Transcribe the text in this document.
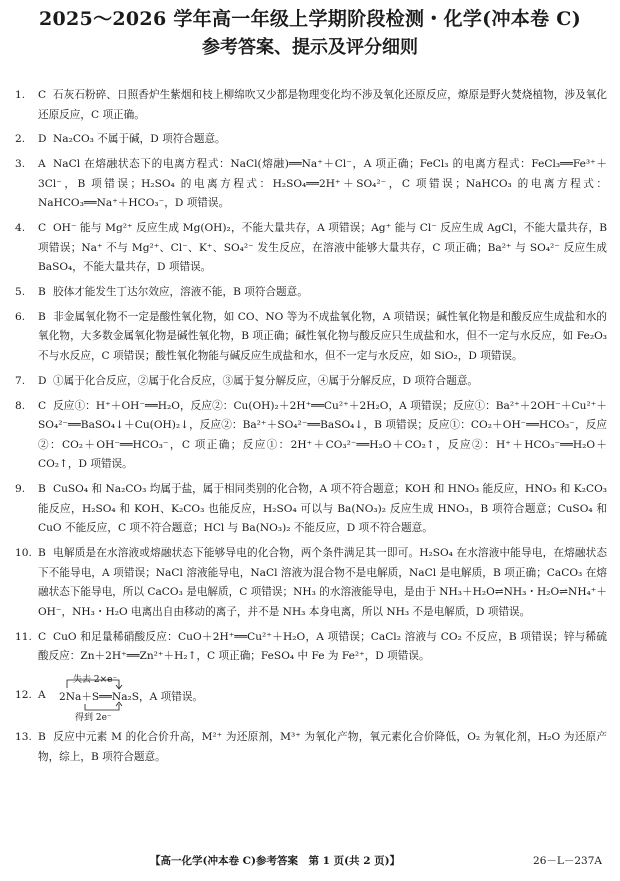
2025～2026 学年高一年级上学期阶段检测・化学(冲本卷 C)
参考答案、提示及评分细则
1. C 石灰石粉碎、日照香炉生紫烟和枝上柳绵吹又少都是物理变化均不涉及氧化还原反应，燎原是野火焚烧植物，涉及氧化还原反应，C 项正确。
2. D Na₂CO₃ 不属于碱，D 项符合题意。
3. A NaCl 在熔融状态下的电离方程式：NaCl(熔融)══Na⁺＋Cl⁻，A 项正确；FeCl₃ 的电离方程式：FeCl₃══Fe³⁺＋3Cl⁻，B 项错误；H₂SO₄ 的电离方程式：H₂SO₄══2H⁺＋SO₄²⁻，C 项错误；NaHCO₃ 的电离方程式：NaHCO₃══Na⁺＋HCO₃⁻，D 项错误。
4. C OH⁻ 能与 Mg²⁺ 反应生成 Mg(OH)₂，不能大量共存，A 项错误；Ag⁺ 能与 Cl⁻ 反应生成 AgCl，不能大量共存，B 项错误；Na⁺ 不与 Mg²⁺、Cl⁻、K⁺、SO₄²⁻ 发生反应，在溶液中能够大量共存，C 项正确；Ba²⁺ 与 SO₄²⁻ 反应生成 BaSO₄，不能大量共存，D 项错误。
5. B 胶体才能发生丁达尔效应，溶液不能，B 项符合题意。
6. B 非金属氧化物不一定是酸性氧化物，如 CO、NO 等为不成盐氧化物，A 项错误；碱性氧化物是和酸反应生成盐和水的氧化物，大多数金属氧化物是碱性氧化物，B 项正确；碱性氧化物与酸反应只生成盐和水，但不一定与水反应，如 Fe₂O₃ 不与水反应，C 项错误；酸性氧化物能与碱反应生成盐和水，但不一定与水反应，如 SiO₂，D 项错误。
7. D ①属于化合反应，②属于化合反应，③属于复分解反应，④属于分解反应，D 项符合题意。
8. C 反应①：H⁺＋OH⁻══H₂O，反应②：Cu(OH)₂＋2H⁺══Cu²⁺＋2H₂O，A 项错误；反应①：Ba²⁺＋2OH⁻＋Cu²⁺＋SO₄²⁻══BaSO₄↓＋Cu(OH)₂↓，反应②：Ba²⁺＋SO₄²⁻══BaSO₄↓，B 项错误；反应①：CO₂＋OH⁻══HCO₃⁻，反应②：CO₂＋OH⁻══HCO₃⁻，C 项正确；反应①：2H⁺＋CO₃²⁻══H₂O＋CO₂↑，反应②：H⁺＋HCO₃⁻══H₂O＋CO₂↑，D 项错误。
9. B CuSO₄ 和 Na₂CO₃ 均属于盐，属于相同类别的化合物，A 项不符合题意；KOH 和 HNO₃ 能反应，HNO₃ 和 K₂CO₃ 能反应，H₂SO₄ 和 KOH、K₂CO₃ 也能反应，H₂SO₄ 可以与 Ba(NO₃)₂ 反应生成 HNO₃，B 项符合题意；CuSO₄ 和 CuO 不能反应，C 项不符合题意；HCl 与 Ba(NO₃)₂ 不能反应，D 项不符合题意。
10. B 电解质是在水溶液或熔融状态下能够导电的化合物，两个条件满足其一即可。H₂SO₄ 在水溶液中能导电，在熔融状态下不能导电，A 项错误；NaCl 溶液能导电，NaCl 溶液为混合物不是电解质，NaCl 是电解质，B 项正确；CaCO₃ 在熔融状态下能导电，所以 CaCO₃ 是电解质，C 项错误；NH₃ 的水溶液能导电，是由于 NH₃＋H₂O⇌NH₃・H₂O⇌NH₄⁺＋OH⁻，NH₃・H₂O 电离出自由移动的离子，并不是 NH₃ 本身电离，所以 NH₃ 不是电解质，D 项错误。
11. C CuO 和足量稀硝酸反应：CuO＋2H⁺══Cu²⁺＋H₂O，A 项错误；CaCl₂ 溶液与 CO₂ 不反应，B 项错误；锌与稀硫酸反应：Zn＋2H⁺══Zn²⁺＋H₂↑，C 项正确；FeSO₄ 中 Fe 为 Fe²⁺，D 项错误。
失去 2×e⁻
12. A 2Na＋S══Na₂S，A 项错误。
得到 2e⁻
13. B 反应中元素 M 的化合价升高，M²⁺ 为还原剂，M³⁺ 为氧化产物，氧元素化合价降低，O₂ 为氧化剂，H₂O 为还原产物，综上，B 项符合题意。
【高一化学(冲本卷 C)参考答案　第 1 页(共 2 页)】	26－L－237A
